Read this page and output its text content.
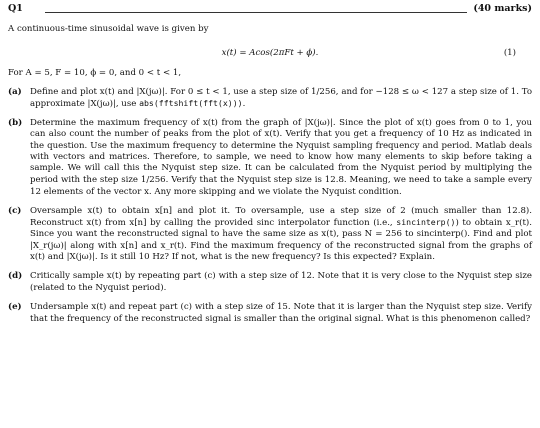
Q1	(40 marks)
A continuous-time sinusoidal wave is given by
x(t) = Acos(2πFt + ϕ).	(1)
For A = 5, F = 10, ϕ = 0, and 0 < t < 1,
(a) Define and plot x(t) and |X(jω)|. For 0 ≤ t < 1, use a step size of 1/256, and for −128 ≤ ω < 127 a step size of 1. To approximate |X(jω)|, use abs(fftshift(fft(x))).
(b) Determine the maximum frequency of x(t) from the graph of |X(jω)|. Since the plot of x(t) goes from 0 to 1, you can also count the number of peaks from the plot of x(t). Verify that you get a frequency of 10 Hz as indicated in the question. Use the maximum frequency to determine the Nyquist sampling frequency and period. Matlab deals with vectors and matrices. Therefore, to sample, we need to know how many elements to skip before taking a sample. We will call this the Nyquist step size. It can be calculated from the Nyquist period by multiplying the period with the step size 1/256. Verify that the Nyquist step size is 12.8. Meaning, we need to take a sample every 12 elements of the vector x. Any more skipping and we violate the Nyquist condition.
(c)	Oversample x(t) to obtain x[n] and plot it. To oversample, use a step size of 2 (much smaller than 12.8). Reconstruct x(t) from x[n] by calling the provided sinc interpolator function (i.e., sincinterp()) to obtain x_r(t). Since you want the reconstructed signal to have the same size as x(t), pass N = 256 to sincinterp(). Find and plot |X_r(jω)| along with x[n] and x_r(t). Find the maximum frequency of the reconstructed signal from the graphs of x(t) and |X(jω)|. Is it still 10 Hz? If not, what is the new frequency? Is this expected? Explain.
(d) Critically sample x(t) by repeating part (c) with a step size of 12. Note that it is very close to the Nyquist step size (related to the Nyquist period).
(e) Undersample x(t) and repeat part (c) with a step size of 15. Note that it is larger than the Nyquist step size. Verify that the frequency of the reconstructed signal is smaller than the original signal. What is this phenomenon called?
